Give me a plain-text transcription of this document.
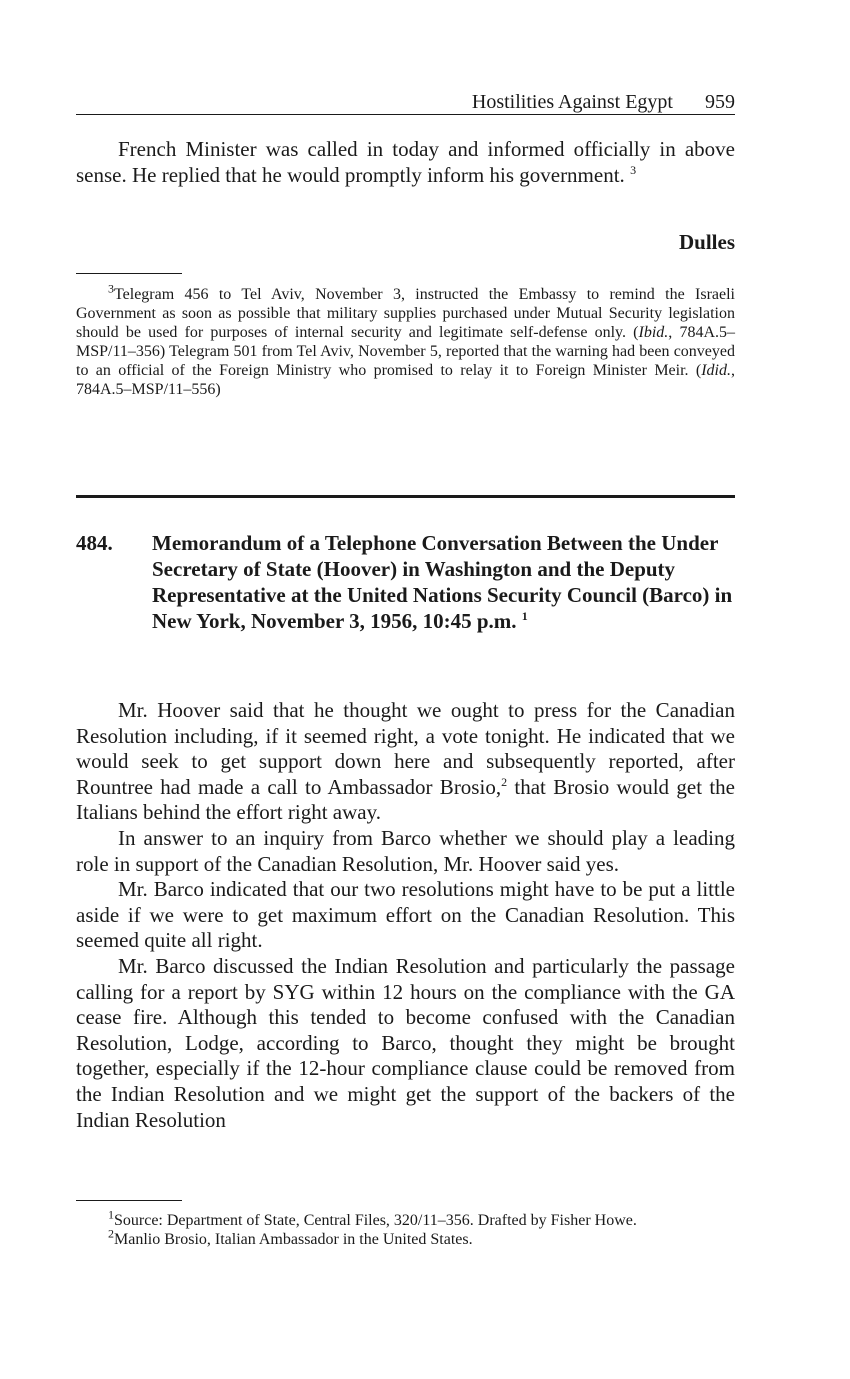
Hostilities Against Egypt 959

French Minister was called in today and informed officially in above sense. He replied that he would promptly inform his government. $^3$

Dulles

$^3$Telegram 456 to Tel Aviv, November 3, instructed the Embassy to remind the Israeli Government as soon as possible that military supplies purchased under Mutual Security legislation should be used for purposes of internal security and legitimate self-defense only. (Ibid., 784A.5–MSP/11–356) Telegram 501 from Tel Aviv, November 5, reported that the warning had been conveyed to an official of the Foreign Ministry who promised to relay it to Foreign Minister Meir. (Idid., 784A.5–MSP/11–556)

484. Memorandum of a Telephone Conversation Between the Under Secretary of State (Hoover) in Washington and the Deputy Representative at the United Nations Security Council (Barco) in New York, November 3, 1956, 10:45 p.m. $^1$

Mr. Hoover said that he thought we ought to press for the Canadian Resolution including, if it seemed right, a vote tonight. He indicated that we would seek to get support down here and subsequently reported, after Rountree had made a call to Ambassador Brosio,$^2$ that Brosio would get the Italians behind the effort right away.

In answer to an inquiry from Barco whether we should play a leading role in support of the Canadian Resolution, Mr. Hoover said yes.

Mr. Barco indicated that our two resolutions might have to be put a little aside if we were to get maximum effort on the Canadian Resolution. This seemed quite all right.

Mr. Barco discussed the Indian Resolution and particularly the passage calling for a report by SYG within 12 hours on the compliance with the GA cease fire. Although this tended to become confused with the Canadian Resolution, Lodge, according to Barco, thought they might be brought together, especially if the 12-hour compliance clause could be removed from the Indian Resolution and we might get the support of the backers of the Indian Resolution

$^1$Source: Department of State, Central Files, 320/11–356. Drafted by Fisher Howe.

$^2$Manlio Brosio, Italian Ambassador in the United States.
